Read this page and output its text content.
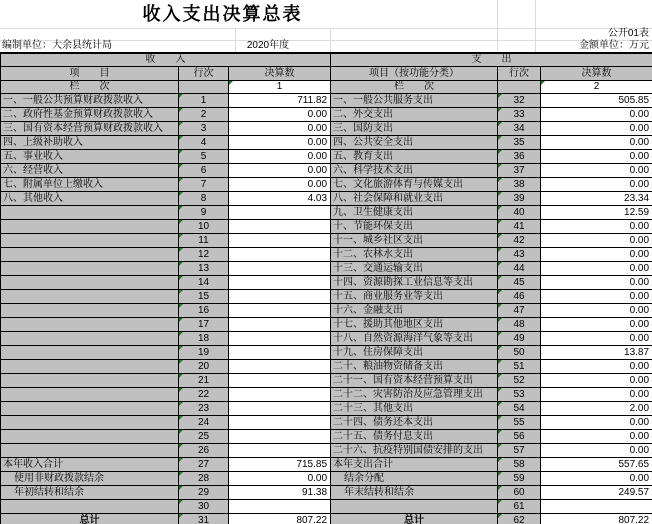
收入支出决算总表
公开01表
编制单位：大余县统计局	2020年度	金额单位：万元
收　　入		
项　　目	行次	决算数
栏　　次		1
一、一般公共预算财政拨款收入	1	711.82
二、政府性基金预算财政拨款收入	2	0.00
三、国有资本经营预算财政拨款收入	3	0.00
四、上级补助收入	4	0.00
五、事业收入	5	0.00
六、经营收入	6	0.00
七、附属单位上缴收入	7	0.00
八、其他收入	8	4.03
	9	
	10	
	11	
	12	
	13	
	14	
	15	
	16	
	17	
	18	
	19	
	20	
	21	
	22	
	23	
	24	
	25	
	26	
本年收入合计	27	715.85
使用非财政拨款结余	28	0.00
年初结转和结余	29	91.38
	30	
总计	31	807.22
支　　出		
项目（按功能分类）	行次	决算数
栏　　次		2
一、一般公共服务支出	32	505.85
二、外交支出	33	0.00
三、国防支出	34	0.00
四、公共安全支出	35	0.00
五、教育支出	36	0.00
六、科学技术支出	37	0.00
七、文化旅游体育与传媒支出	38	0.00
八、社会保障和就业支出	39	23.34
九、卫生健康支出	40	12.59
十、节能环保支出	41	0.00
十一、城乡社区支出	42	0.00
十二、农林水支出	43	0.00
十三、交通运输支出	44	0.00
十四、资源勘探工业信息等支出	45	0.00
十五、商业服务业等支出	46	0.00
十六、金融支出	47	0.00
十七、援助其他地区支出	48	0.00
十八、自然资源海洋气象等支出	49	0.00
十九、住房保障支出	50	13.87
二十、粮油物资储备支出	51	0.00
二十一、国有资本经营预算支出	52	0.00
二十二、灾害防治及应急管理支出	53	0.00
二十三、其他支出	54	2.00
二十四、债务还本支出	55	0.00
二十五、债务付息支出	56	0.00
二十六、抗疫特别国债安排的支出	57	0.00
本年支出合计	58	557.65
结余分配	59	0.00
年末结转和结余	60	249.57
	61	
总计	62	807.22
